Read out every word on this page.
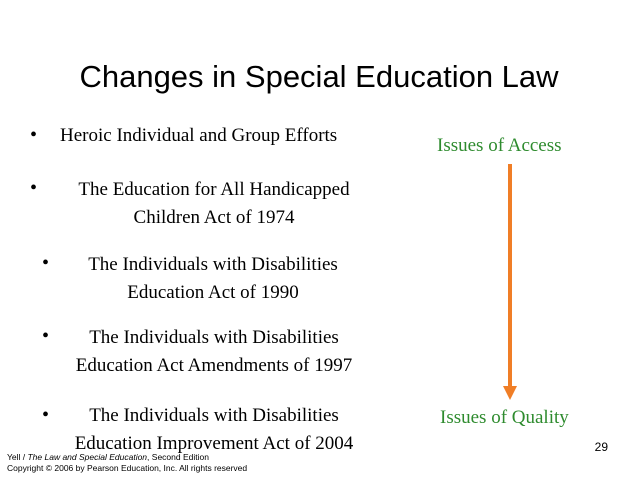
Changes in Special Education Law
• Heroic Individual and Group Efforts
•	The Education for All Handicapped
Children Act of 1974
•	The Individuals with Disabilities
Education Act of 1990
•	The Individuals with Disabilities
Education Act Amendments of 1997
•	The Individuals with Disabilities
Education Improvement Act of 2004
Issues of Access
Issues of Quality
29
Yell / The Law and Special Education, Second Edition
Copyright © 2006 by Pearson Education, Inc. All rights reserved
